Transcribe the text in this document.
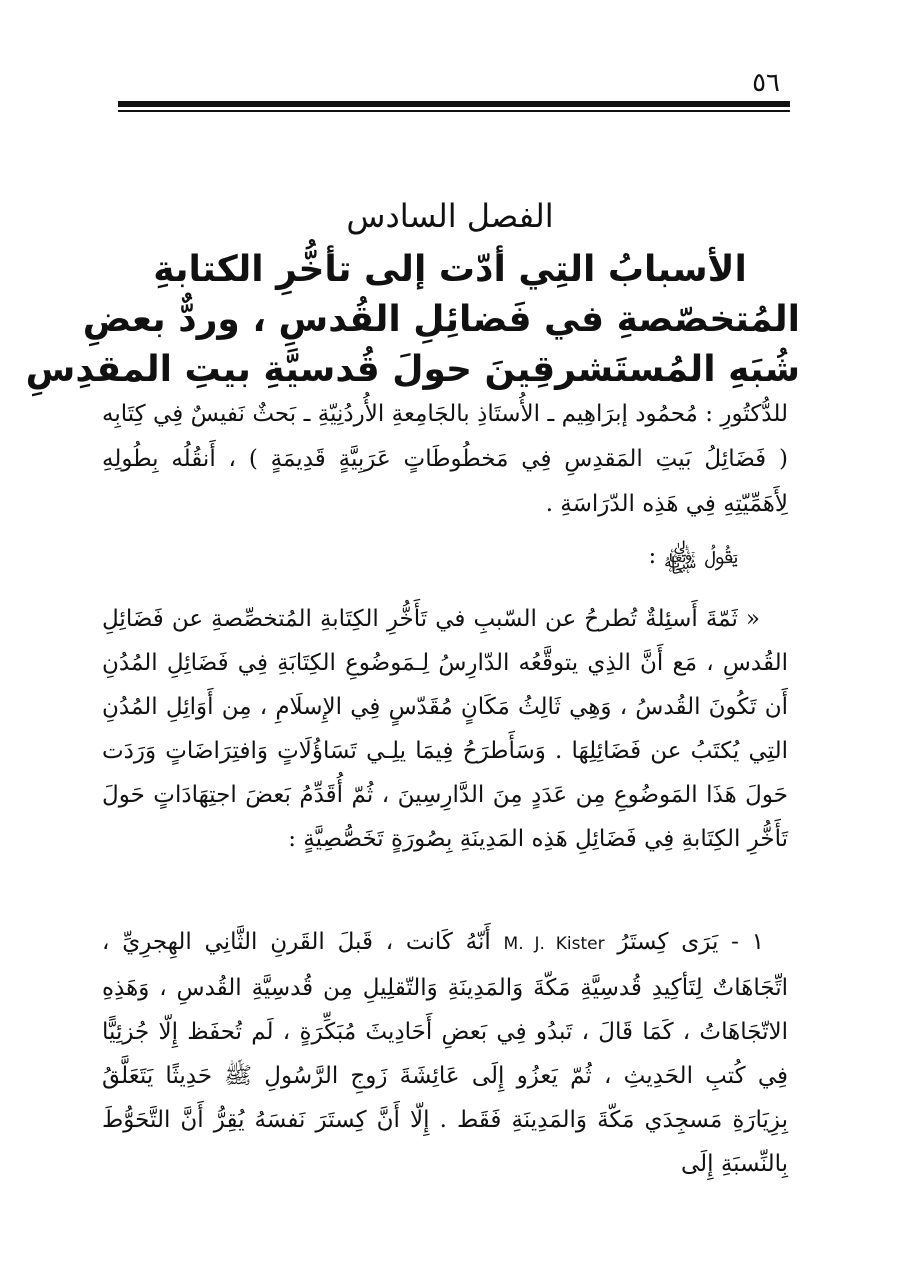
٥٦
الفصل السادس
الأسبابُ التِي أدّت إلى تأخُّرِ الكتابةِ
المُتخصّصةِ في فَضائِلِ القُدسِ ، وردٌّ بعضِ
شُبَهِ المُستَشرقِينَ حولَ قُدسيَّةِ بيتِ المقدِسِ

للدُّكتُورِ : مُحمُود إبرَاهِيم ـ الأُستَاذِ بالجَامِعةِ الأُردُنِيّةِ ـ بَحثٌ نَفيسٌ فِي كِتَابِه ( فَضَائِلُ بَيتِ المَقدِسِ فِي مَخطُوطَاتٍ عَرَبِيَّةٍ قَدِيمَةٍ ) ، أَنقُلُه بِطُولِهِ لِأَهَمِّيّتِهِ فِي هَذِه الدّرَاسَةِ .

يَقُولُ ﷾ :

« ثَمّةَ أَسئِلةٌ تُطرحُ عن السّببِ في تَأَخُّرِ الكِتَابةِ المُتخصِّصةِ عن فَضَائِلِ القُدسِ ، مَع أَنَّ الذِي يتوقَّعُه الدّارِسُ لِـمَوضُوعِ الكِتَابَةِ فِي فَضَائِلِ المُدُنِ أَن تَكُونَ القُدسُ ، وَهِي ثَالِثُ مَكَانٍ مُقَدّسٍ فِي الإِسلَامِ ، مِن أَوَائِلِ المُدُنِ التِي يُكتَبُ عن فَضَائِلِهَا . وَسَأَطرَحُ فِيمَا يلِـي تَسَاؤُلَاتٍ وَافتِرَاضَاتٍ وَرَدَت حَولَ هَذَا المَوضُوعِ مِن عَدَدٍ مِنَ الدَّارِسِينَ ، ثُمّ أُقَدِّمُ بَعضَ اجتِهَادَاتٍ حَولَ تَأَخُّرِ الكِتَابةِ فِي فَضَائِلِ هَذِه المَدِينَةِ بِصُورَةٍ تَخَصُّصِيَّةٍ :

١ - يَرَى كِستَرُ M. J. Kister أَنّهُ كَانت ، قَبلَ القَرنِ الثَّانِي الهِجرِيِّ ، اتِّجَاهَاتٌ لِتَأكِيدِ قُدسِيَّةِ مَكّةَ وَالمَدِينَةِ وَالتّقلِيلِ مِن قُدسِيَّةِ القُدسِ ، وَهَذِهِ الاتّجَاهَاتُ ، كَمَا قَالَ ، تَبدُو فِي بَعضِ أَحَادِيثَ مُبَكِّرَةٍ ، لَم تُحفَظ إِلّا جُزئِيًّا فِي كُتبِ الحَدِيثِ ، ثُمّ يَعزُو إِلَى عَائِشَةَ زَوجِ الرَّسُولِ ﷺ حَدِيثًا يَتَعَلَّقُ بِزِيَارَةِ مَسجِدَي مَكّةَ وَالمَدِينَةِ فَقَط . إِلّا أَنَّ كِستَرَ نَفسَهُ يُقِرُّ أَنَّ التَّحَوُّطَ بِالنِّسبَةِ إِلَى
